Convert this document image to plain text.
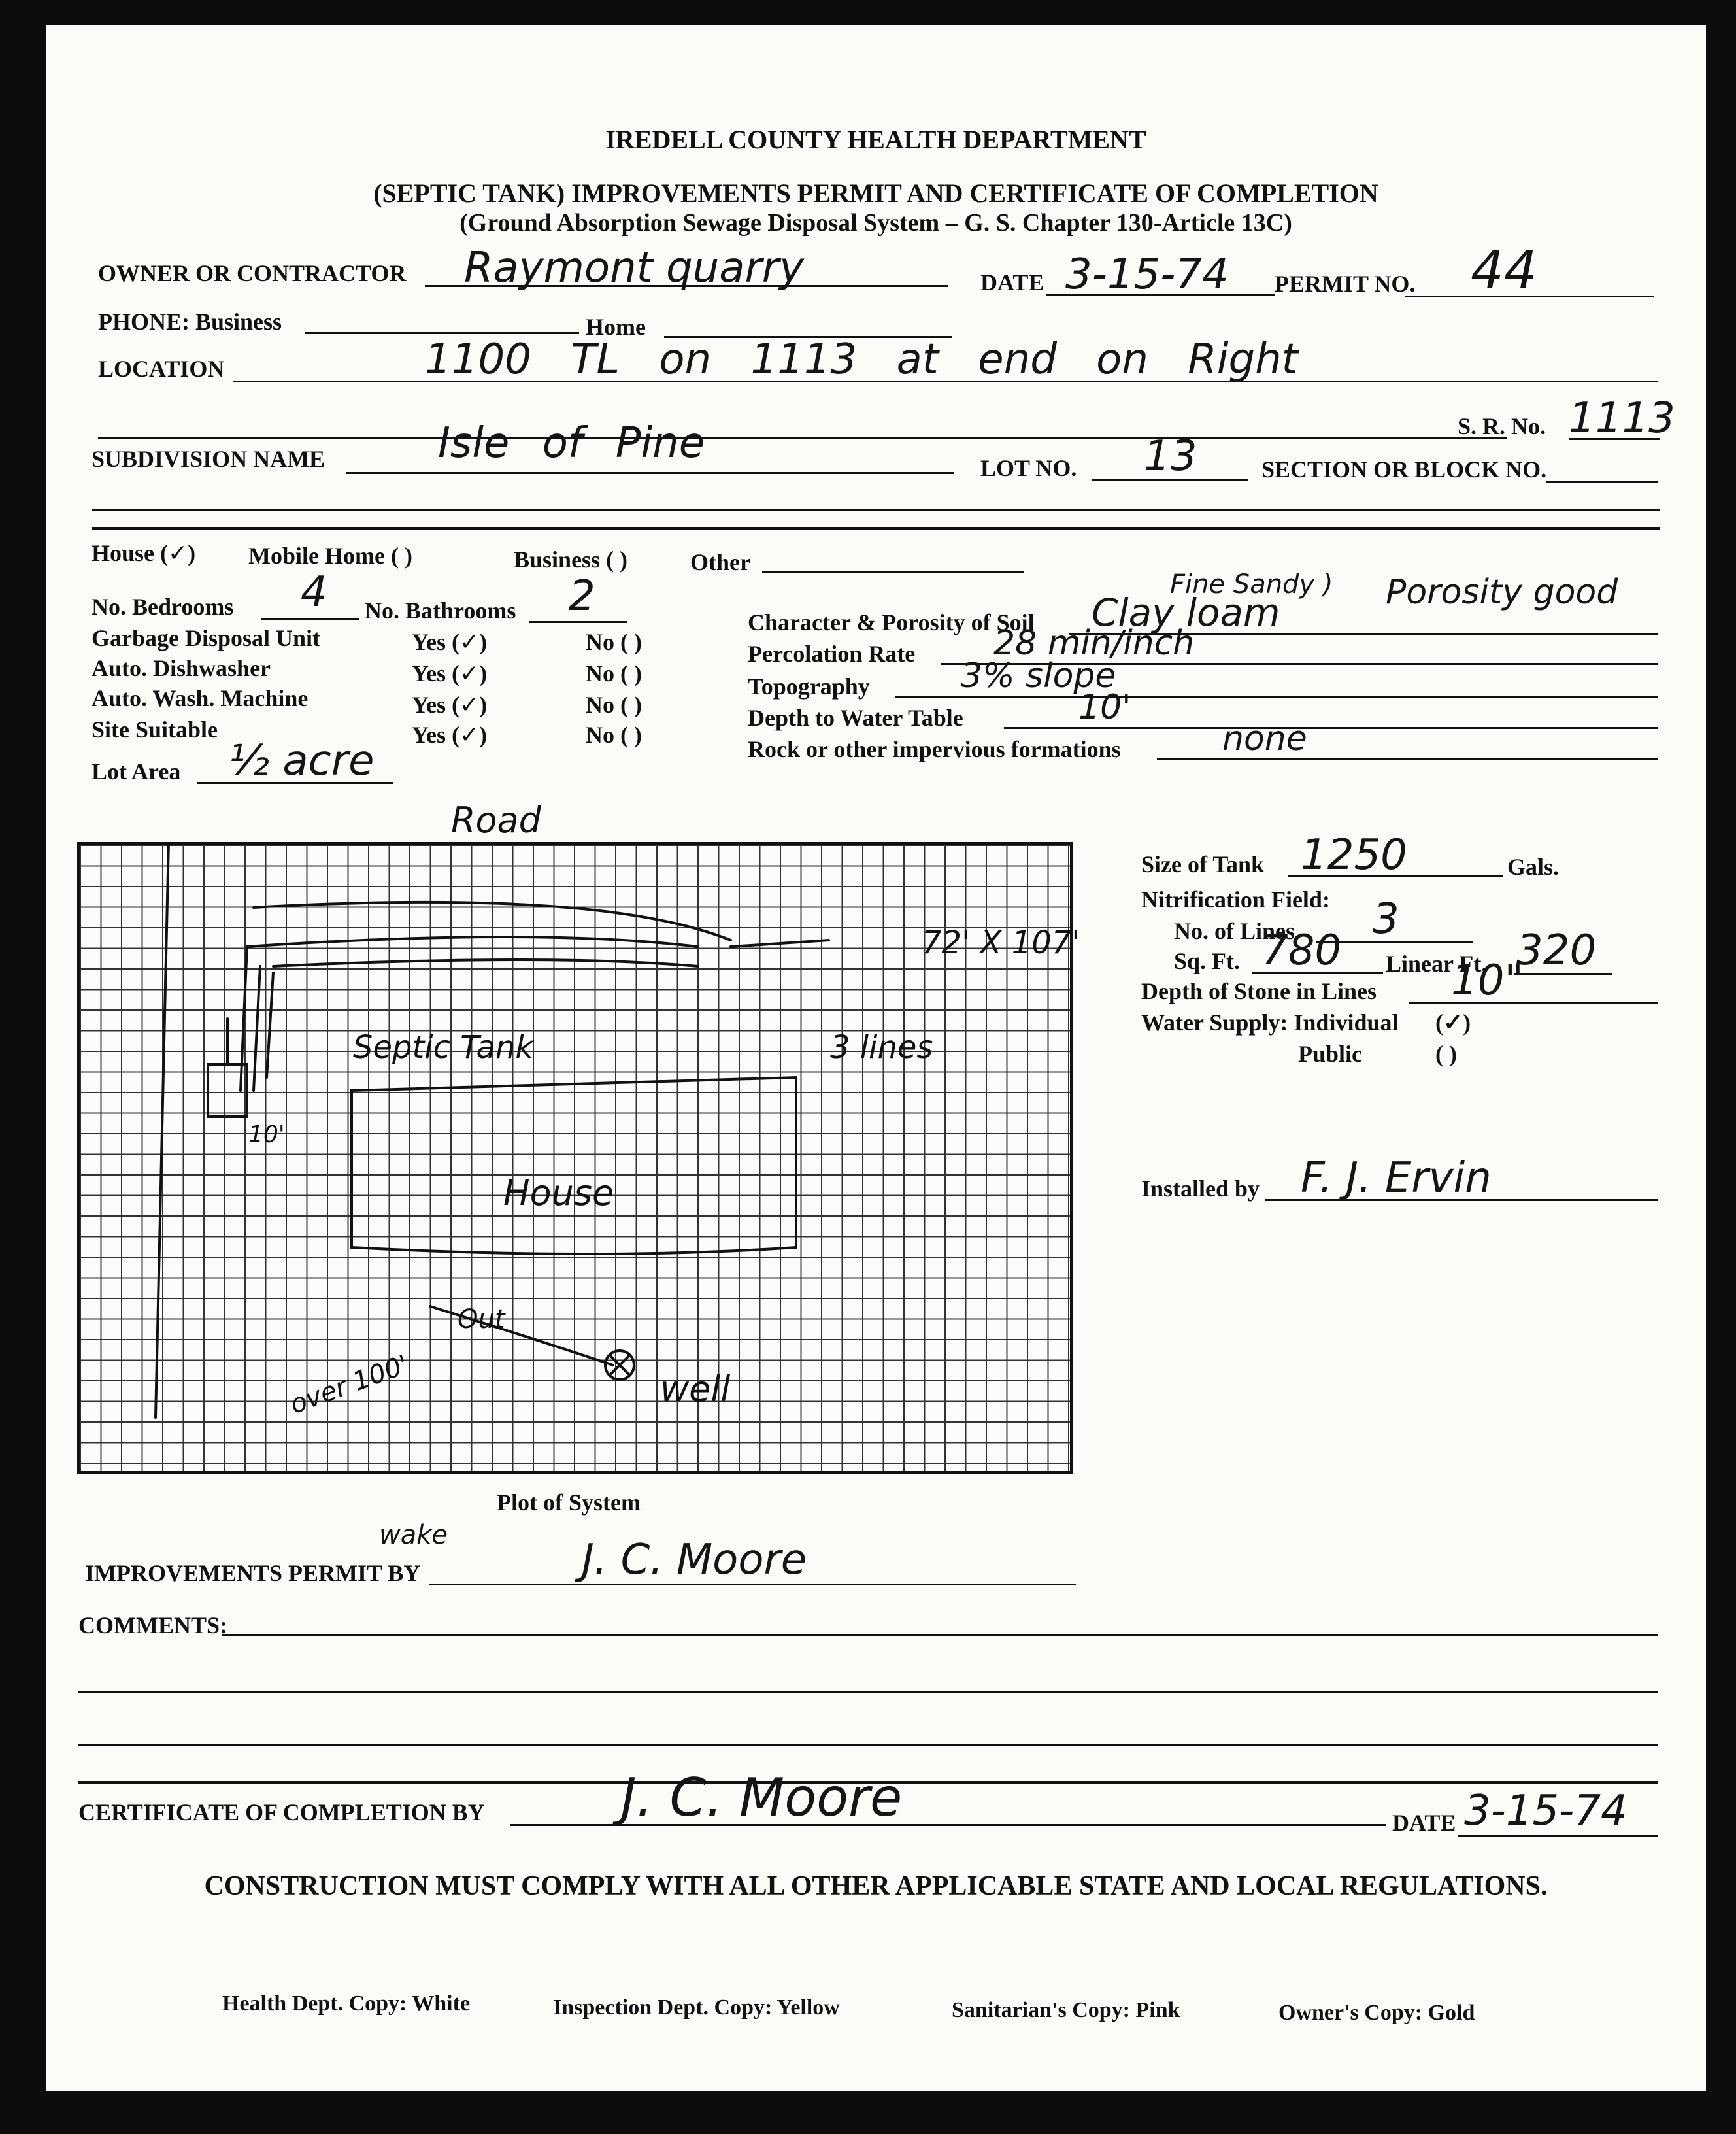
IREDELL COUNTY HEALTH DEPARTMENT
(SEPTIC TANK) IMPROVEMENTS PERMIT AND CERTIFICATE OF COMPLETION
(Ground Absorption Sewage Disposal System – G. S. Chapter 130-Article 13C)
OWNER OR CONTRACTOR Raymont quarry	DATE 3-15-74 PERMIT NO. 44
PHONE: Business	Home
LOCATION	1100 TL on 1113 at end on Right
S. R. No. 1113
SUBDIVISION NAME	Isle of Pine
LOT NO. 13	SECTION OR BLOCK NO.
House (✓) Mobile Home ( )	Business ( )	Other
No. Bedrooms 4 No. Bathrooms 2
Garbage Disposal Unit	Yes (✓)	No ( )
Auto. Dishwasher	Yes (✓)	No ( )
Auto. Wash. Machine	Yes (✓)	No ( )
Site Suitable	Yes (✓)	No ( )
Lot Area ½ acre
Character & Porosity of Soil Clay loam
Fine Sandy ) Porosity good
Percolation Rate 28 min/inch
Topography	3% slope
Depth to Water Table	10'
Rock or other impervious formations	none
Road
72' X 107'
Septic Tank	3 lines
10'
House
Out
over 100'	well
Plot of System
wake
Size of Tank 1250	Gals.
Nitrification Field:
No. of Lines 3
Sq. Ft. 780 Linear Ft. 320
Depth of Stone in Lines 10"
Water Supply: Individual (✓)
Public	( )
Installed by F. J. Ervin
IMPROVEMENTS PERMIT BY	J. C. Moore
COMMENTS:
CERTIFICATE OF COMPLETION BY	J. C. Moore	DATE 3-15-74
CONSTRUCTION MUST COMPLY WITH ALL OTHER APPLICABLE STATE AND LOCAL REGULATIONS.
Health Dept. Copy: White	Inspection Dept. Copy: Yellow	Sanitarian's Copy: Pink	Owner's Copy: Gold
